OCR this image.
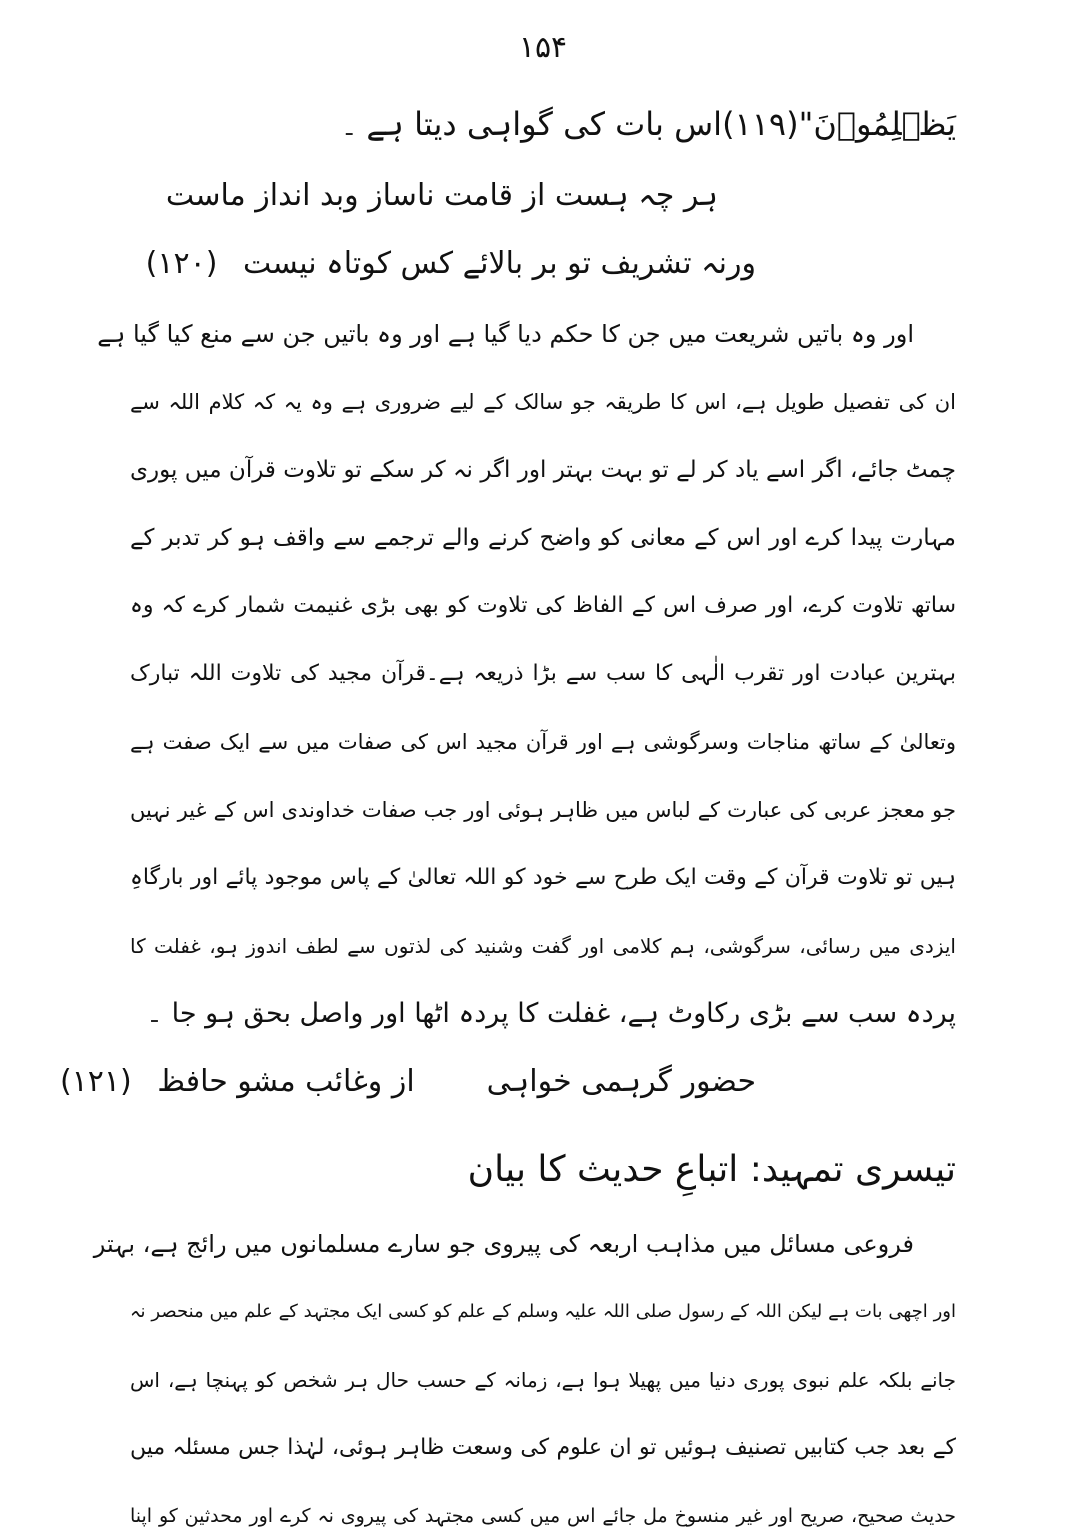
۱۵۴
یَظۡلِمُوۡنَ"(۱۱۹)اس بات کی گواہی دیتا ہےـ
ہر چہ ہست از قامت ناساز وبد انداز ماست
ورنہ تشریف تو بر بالائے کس کوتاہ نیست (۱۲۰)
اور وہ باتیں شریعت میں جن کا حکم دیا گیا ہے اور وہ باتیں جن سے منع کیا گیا ہے
ان کی تفصیل طویل ہے، اس کا طریقہ جو سالک کے لیے ضروری ہے وہ یہ کہ کلام اللہ سے
چمٹ جائے، اگر اسے یاد کر لے تو بہت بہتر اور اگر نہ کر سکے تو تلاوت قرآن میں پوری
مہارت پیدا کرے اور اس کے معانی کو واضح کرنے والے ترجمے سے واقف ہو کر تدبر کے
ساتھ تلاوت کرے، اور صرف اس کے الفاظ کی تلاوت کو بھی بڑی غنیمت شمار کرے کہ وہ
بہترین عبادت اور تقرب الٰہی کا سب سے بڑا ذریعہ ہے۔قرآن مجید کی تلاوت اللہ تبارک
وتعالیٰ کے ساتھ مناجات وسرگوشی ہے اور قرآن مجید اس کی صفات میں سے ایک صفت ہے
جو معجز عربی کی عبارت کے لباس میں ظاہر ہوئی اور جب صفات خداوندی اس کے غیر نہیں
ہیں تو تلاوت قرآن کے وقت ایک طرح سے خود کو اللہ تعالیٰ کے پاس موجود پائے اور بارگاہِ
ایزدی میں رسائی، سرگوشی، ہم کلامی اور گفت وشنید کی لذتوں سے لطف اندوز ہو، غفلت کا
پردہ سب سے بڑی رکاوٹ ہے، غفلت کا پردہ اٹھا اور واصل بحق ہو جاـ
حضور گرہمی خواہیاز وغائب مشو حافظ (۱۲۱)
تیسری تمہید: اتباعِ حدیث کا بیان
فروعی مسائل میں مذاہب اربعہ کی پیروی جو سارے مسلمانوں میں رائج ہے، بہتر
اور اچھی بات ہے لیکن اللہ کے رسول صلی اللہ علیہ وسلم کے علم کو کسی ایک مجتہد کے علم میں منحصر نہ
جانے بلکہ علم نبوی پوری دنیا میں پھیلا ہوا ہے، زمانہ کے حسب حال ہر شخص کو پہنچا ہے، اس
کے بعد جب کتابیں تصنیف ہوئیں تو ان علوم کی وسعت ظاہر ہوئی، لہٰذا جس مسئلہ میں
حدیث صحیح، صریح اور غیر منسوخ مل جائے اس میں کسی مجتہد کی پیروی نہ کرے اور محدثین کو اپنا
